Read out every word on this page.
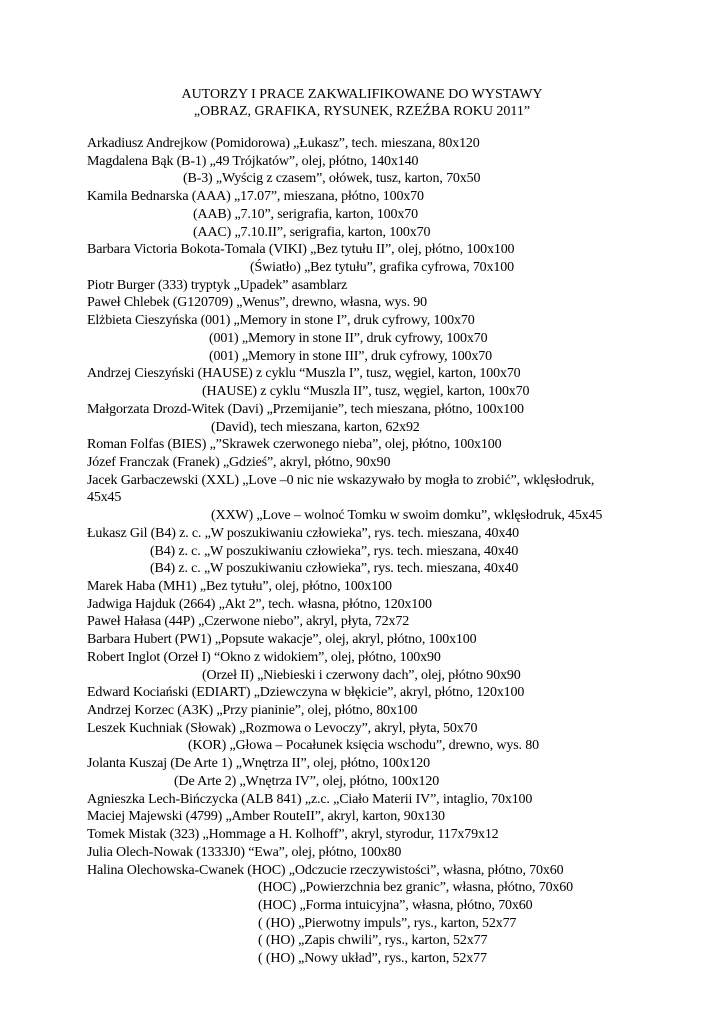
AUTORZY I PRACE ZAKWALIFIKOWANE DO WYSTAWY
„OBRAZ, GRAFIKA, RYSUNEK, RZEŹBA ROKU 2011”
Arkadiusz Andrejkow (Pomidorowa) „Łukasz”, tech. mieszana, 80x120
Magdalena Bąk (B-1) „49 Trójkatów”, olej, płótno, 140x140
(B-3) „Wyścig z czasem”, ołówek, tusz, karton, 70x50
Kamila Bednarska (AAA) „17.07”, mieszana, płótno, 100x70
(AAB) „7.10”, serigrafia, karton, 100x70
(AAC) „7.10.II”, serigrafia, karton, 100x70
Barbara Victoria Bokota-Tomala (VIKI) „Bez tytułu II”, olej, płótno, 100x100
(Światło) „Bez tytułu”, grafika cyfrowa, 70x100
Piotr Burger (333) tryptyk „Upadek” asamblarz
Paweł Chlebek (G120709) „Wenus”, drewno, własna, wys. 90
Elżbieta Cieszyńska (001) „Memory in stone I”, druk cyfrowy, 100x70
(001) „Memory in stone II”, druk cyfrowy, 100x70
(001) „Memory in stone III”, druk cyfrowy, 100x70
Andrzej Cieszyński (HAUSE) z cyklu “Muszla I”, tusz, węgiel, karton, 100x70
(HAUSE) z cyklu “Muszla II”, tusz, węgiel, karton, 100x70
Małgorzata Drozd-Witek (Davi) „Przemijanie”, tech mieszana, płótno, 100x100
(David), tech mieszana, karton, 62x92
Roman Folfas (BIES) „”Skrawek czerwonego nieba”, olej, płótno, 100x100
Józef Franczak (Franek) „Gdzieś”, akryl, płótno, 90x90
Jacek Garbaczewski (XXL) „Love –0 nic nie wskazywało by mogła to zrobić”, wklęsłodruk,
45x45
(XXW) „Love – wolnoć Tomku w swoim domku”, wklęsłodruk, 45x45
Łukasz Gil (B4) z. c. „W poszukiwaniu człowieka”, rys. tech. mieszana, 40x40
(B4) z. c. „W poszukiwaniu człowieka”, rys. tech. mieszana, 40x40
(B4) z. c. „W poszukiwaniu człowieka”, rys. tech. mieszana, 40x40
Marek Haba (MH1) „Bez tytułu”, olej, płótno, 100x100
Jadwiga Hajduk (2664) „Akt 2”, tech. własna, płótno, 120x100
Paweł Hałasa (44P) „Czerwone niebo”, akryl, płyta, 72x72
Barbara Hubert (PW1) „Popsute wakacje”, olej, akryl, płótno, 100x100
Robert Inglot (Orzeł I) “Okno z widokiem”, olej, płótno, 100x90
(Orzeł II) „Niebieski i czerwony dach”, olej, płótno 90x90
Edward Kociański (EDIART) „Dziewczyna w błękicie”, akryl, płótno, 120x100
Andrzej Korzec (A3K) „Przy pianinie”, olej, płótno, 80x100
Leszek Kuchniak (Słowak) „Rozmowa o Levoczy”, akryl, płyta, 50x70
(KOR) „Głowa – Pocałunek księcia wschodu”, drewno, wys. 80
Jolanta Kuszaj (De Arte 1) „Wnętrza II”, olej, płótno, 100x120
(De Arte 2) „Wnętrza IV”, olej, płótno, 100x120
Agnieszka Lech-Bińczycka (ALB 841) „z.c. „Ciało Materii IV”, intaglio, 70x100
Maciej Majewski (4799) „Amber RouteII”, akryl, karton, 90x130
Tomek Mistak (323) „Hommage a H. Kolhoff”, akryl, styrodur, 117x79x12
Julia Olech-Nowak (1333J0) “Ewa”, olej, płótno, 100x80
Halina Olechowska-Cwanek (HOC) „Odczucie rzeczywistości”, własna, płótno, 70x60
(HOC) „Powierzchnia bez granic”, własna, płótno, 70x60
(HOC) „Forma intuicyjna”, własna, płótno, 70x60
( (HO) „Pierwotny impuls”, rys., karton, 52x77
( (HO) „Zapis chwili”, rys., karton, 52x77
( (HO) „Nowy układ”, rys., karton, 52x77
